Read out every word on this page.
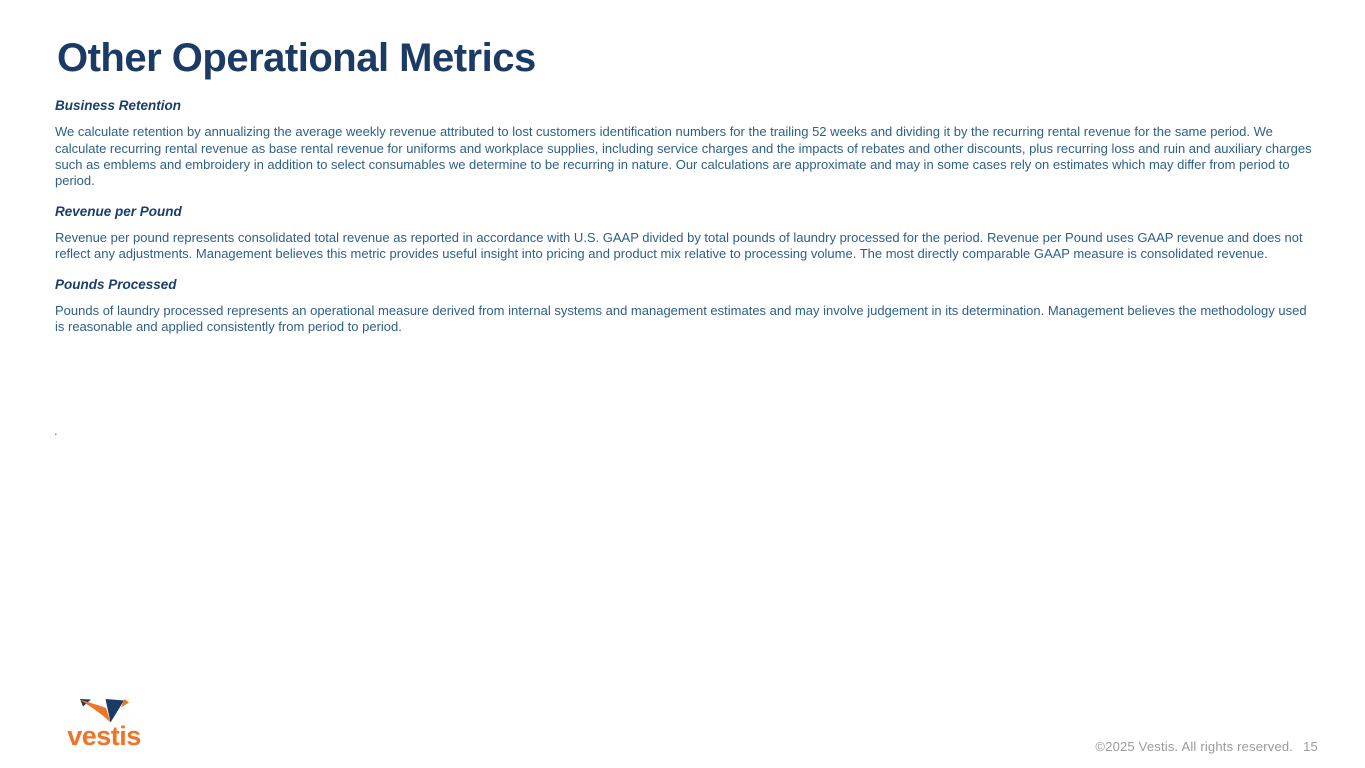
Other Operational Metrics
Business Retention

We calculate retention by annualizing the average weekly revenue attributed to lost customers identification numbers for the trailing 52 weeks and dividing it by the recurring rental revenue for the same period. We calculate recurring rental revenue as base rental revenue for uniforms and workplace supplies, including service charges and the impacts of rebates and other discounts, plus recurring loss and ruin and auxiliary charges such as emblems and embroidery in addition to select consumables we determine to be recurring in nature. Our calculations are approximate and may in some cases rely on estimates which may differ from period to period.

Revenue per Pound

Revenue per pound represents consolidated total revenue as reported in accordance with U.S. GAAP divided by total pounds of laundry processed for the period. Revenue per Pound uses GAAP revenue and does not reflect any adjustments. Management believes this metric provides useful insight into pricing and product mix relative to processing volume. The most directly comparable GAAP measure is consolidated revenue.

Pounds Processed

Pounds of laundry processed represents an operational measure derived from internal systems and management estimates and may involve judgement in its determination. Management believes the methodology used is reasonable and applied consistently from period to period.

.
vestis	©2025 Vestis. All rights reserved. 15
